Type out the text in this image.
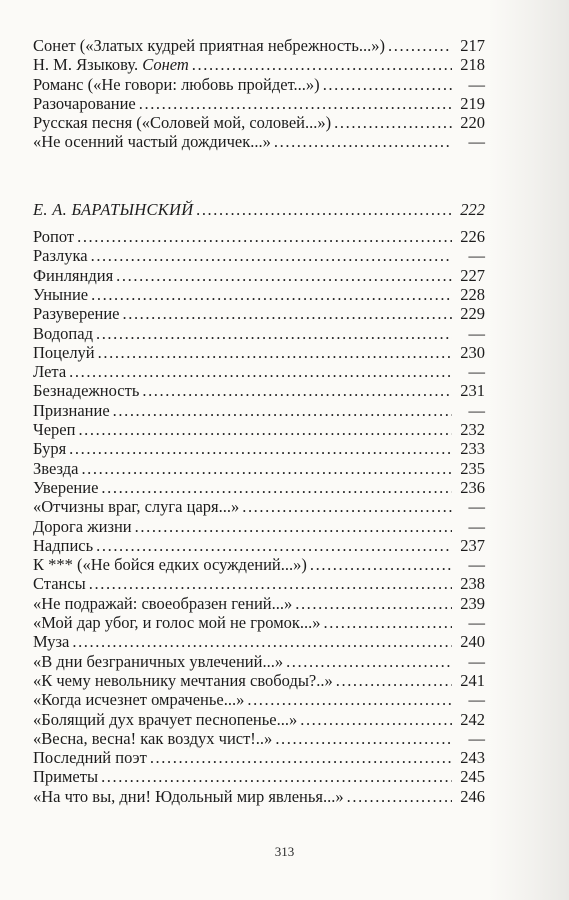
Сонет («Златых кудрей приятная небрежность...») .....	217
Н. М. Языкову. Сонет .....	218
Романс («Не говори: любовь пройдет...») .....	—
Разочарование .....	219
Русская песня («Соловей мой, соловей...») .....	220
«Не осенний частый дождичек...» .....	—
Е. А. БАРАТЫНСКИЙ .....	222
Ропот .....	226
Разлука .....	—
Финляндия .....	227
Уныние .....	228
Разуверение .....	229
Водопад .....	—
Поцелуй .....	230
Лета .....	—
Безнадежность .....	231
Признание .....	—
Череп .....	232
Буря .....	233
Звезда .....	235
Уверение .....	236
«Отчизны враг, слуга царя...» .....	—
Дорога жизни .....	—
Надпись .....	237
К *** («Не бойся едких осуждений...») .....	—
Стансы .....	238
«Не подражай: своеобразен гений...» .....	239
«Мой дар убог, и голос мой не громок...» .....	—
Муза .....	240
«В дни безграничных увлечений...» .....	—
«К чему невольнику мечтания свободы?..» .....	241
«Когда исчезнет омраченье...» .....	—
«Болящий дух врачует песнопенье...» .....	242
«Весна, весна! как воздух чист!..» .....	—
Последний поэт .....	243
Приметы .....	245
«На что вы, дни! Юдольный мир явленья...» .....	246
313
